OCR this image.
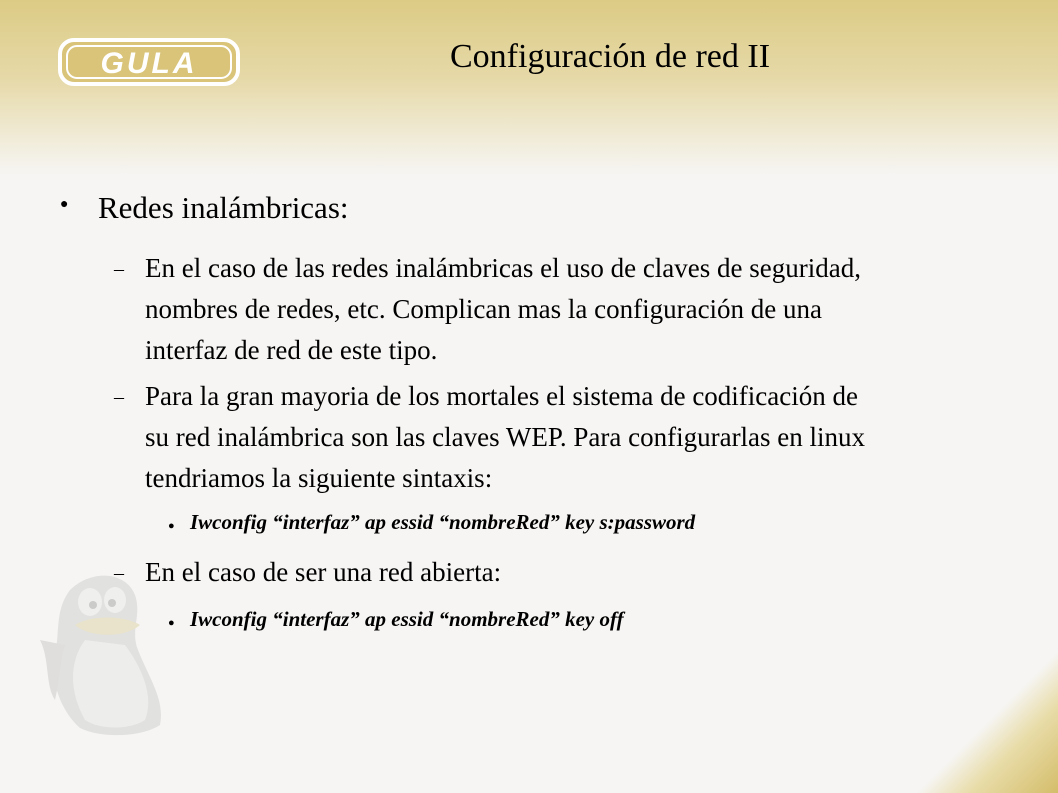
GULA	Configuración de red II
● Redes inalámbricas:
– En el caso de las redes inalámbricas el uso de claves de seguridad,
nombres de redes, etc. Complican mas la configuración de una
interfaz de red de este tipo.
– Para la gran mayoria de los mortales el sistema de codificación de
su red inalámbrica son las claves WEP. Para configurarlas en linux
tendriamos la siguiente sintaxis:
● Iwconfig “interfaz” ap essid “nombreRed” key s:password
– En el caso de ser una red abierta:
● Iwconfig “interfaz” ap essid “nombreRed” key off
